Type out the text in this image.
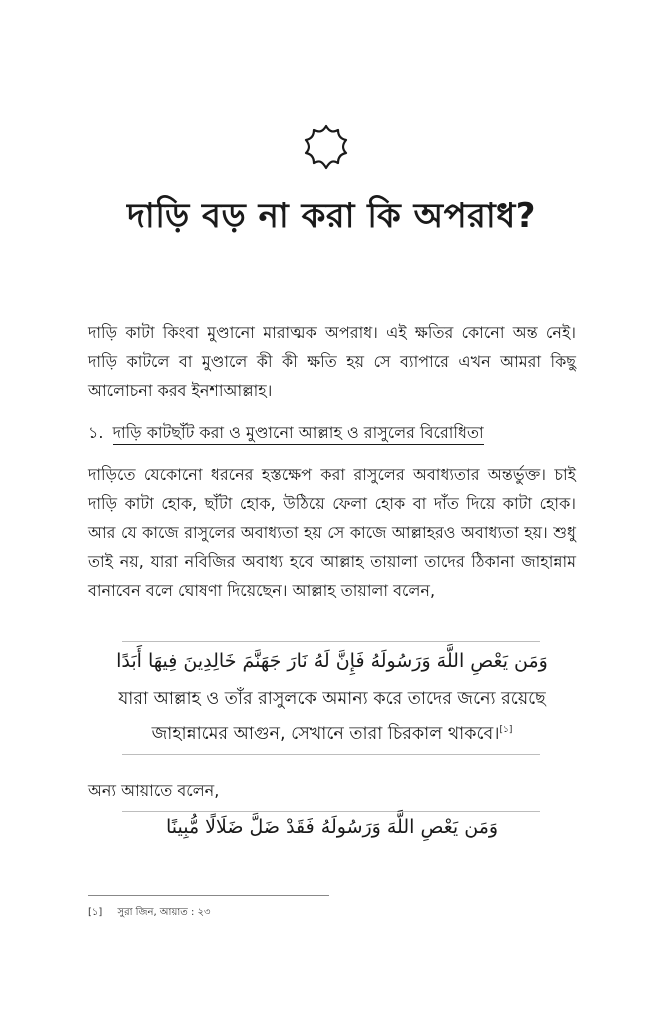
দাড়ি বড় না করা কি অপরাধ?
দাড়ি কাটা কিংবা মুণ্ডানো মারাত্মক অপরাধ। এই ক্ষতির কোনো অন্ত নেই। দাড়ি কাটলে বা মুণ্ডালে কী কী ক্ষতি হয় সে ব্যাপারে এখন আমরা কিছু আলোচনা করব ইনশাআল্লাহ।
১. দাড়ি কাটছাঁট করা ও মুণ্ডানো আল্লাহ ও রাসুলের বিরোধিতা
দাড়িতে যেকোনো ধরনের হস্তক্ষেপ করা রাসুলের অবাধ্যতার অন্তর্ভুক্ত। চাই দাড়ি কাটা হোক, ছাঁটা হোক, উঠিয়ে ফেলা হোক বা দাঁত দিয়ে কাটা হোক। আর যে কাজে রাসুলের অবাধ্যতা হয় সে কাজে আল্লাহরও অবাধ্যতা হয়। শুধু তাই নয়, যারা নবিজির অবাধ্য হবে আল্লাহ তায়ালা তাদের ঠিকানা জাহান্নাম বানাবেন বলে ঘোষণা দিয়েছেন। আল্লাহ তায়ালা বলেন,
وَمَن يَعْصِ اللَّهَ وَرَسُولَهُ فَإِنَّ لَهُ نَارَ جَهَنَّمَ خَالِدِينَ فِيهَا أَبَدًا
যারা আল্লাহ ও তাঁর রাসুলকে অমান্য করে তাদের জন্যে রয়েছে
জাহান্নামের আগুন, সেখানে তারা চিরকাল থাকবে।[১]
অন্য আয়াতে বলেন,
وَمَن يَعْصِ اللَّهَ وَرَسُولَهُ فَقَدْ ضَلَّ ضَلَالًا مُّبِينًا
[১] সুরা জিন, আয়াত : ২৩
